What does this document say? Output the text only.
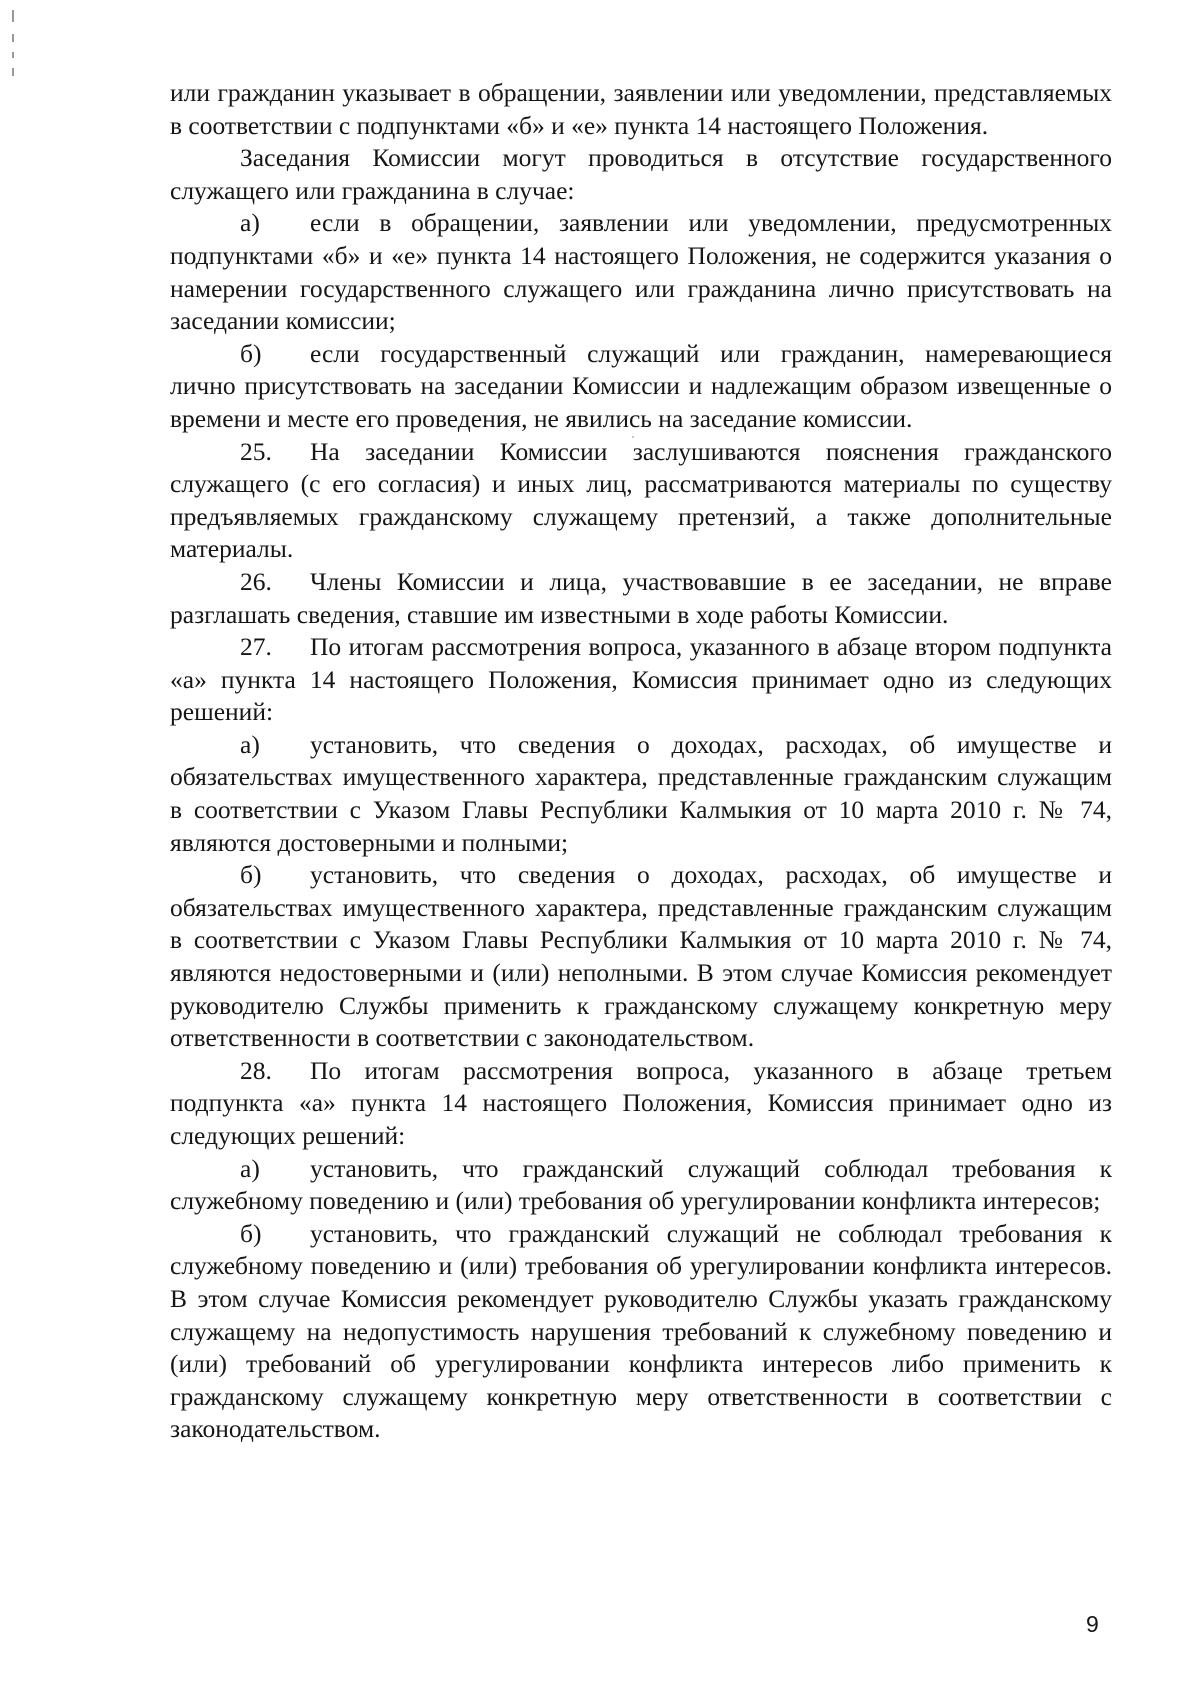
или гражданин указывает в обращении, заявлении или уведомлении, представляемых в соответствии с подпунктами «б» и «е» пункта 14 настоящего Положения.

Заседания Комиссии могут проводиться в отсутствие государственного служащего или гражданина в случае:

а) если в обращении, заявлении или уведомлении, предусмотренных подпунктами «б» и «е» пункта 14 настоящего Положения, не содержится указания о намерении государственного служащего или гражданина лично присутствовать на заседании комиссии;

б) если государственный служащий или гражданин, намеревающиеся лично присутствовать на заседании Комиссии и надлежащим образом извещенные о времени и месте его проведения, не явились на заседание комиссии.

25. На заседании Комиссии заслушиваются пояснения гражданского служащего (с его согласия) и иных лиц, рассматриваются материалы по существу предъявляемых гражданскому служащему претензий, а также дополнительные материалы.

26. Члены Комиссии и лица, участвовавшие в ее заседании, не вправе разглашать сведения, ставшие им известными в ходе работы Комиссии.

27. По итогам рассмотрения вопроса, указанного в абзаце втором подпункта «а» пункта 14 настоящего Положения, Комиссия принимает одно из следующих решений:

а) установить, что сведения о доходах, расходах, об имуществе и обязательствах имущественного характера, представленные гражданским служащим в соответствии с Указом Главы Республики Калмыкия от 10 марта 2010 г. № 74, являются достоверными и полными;

б) установить, что сведения о доходах, расходах, об имуществе и обязательствах имущественного характера, представленные гражданским служащим в соответствии с Указом Главы Республики Калмыкия от 10 марта 2010 г. № 74, являются недостоверными и (или) неполными. В этом случае Комиссия рекомендует руководителю Службы применить к гражданскому служащему конкретную меру ответственности в соответствии с законодательством.

28. По итогам рассмотрения вопроса, указанного в абзаце третьем подпункта «а» пункта 14 настоящего Положения, Комиссия принимает одно из следующих решений:

а) установить, что гражданский служащий соблюдал требования к служебному поведению и (или) требования об урегулировании конфликта интересов;

б) установить, что гражданский служащий не соблюдал требования к служебному поведению и (или) требования об урегулировании конфликта интересов. В этом случае Комиссия рекомендует руководителю Службы указать гражданскому служащему на недопустимость нарушения требований к служебному поведению и (или) требований об урегулировании конфликта интересов либо применить к гражданскому служащему конкретную меру ответственности в соответствии с законодательством.

9
